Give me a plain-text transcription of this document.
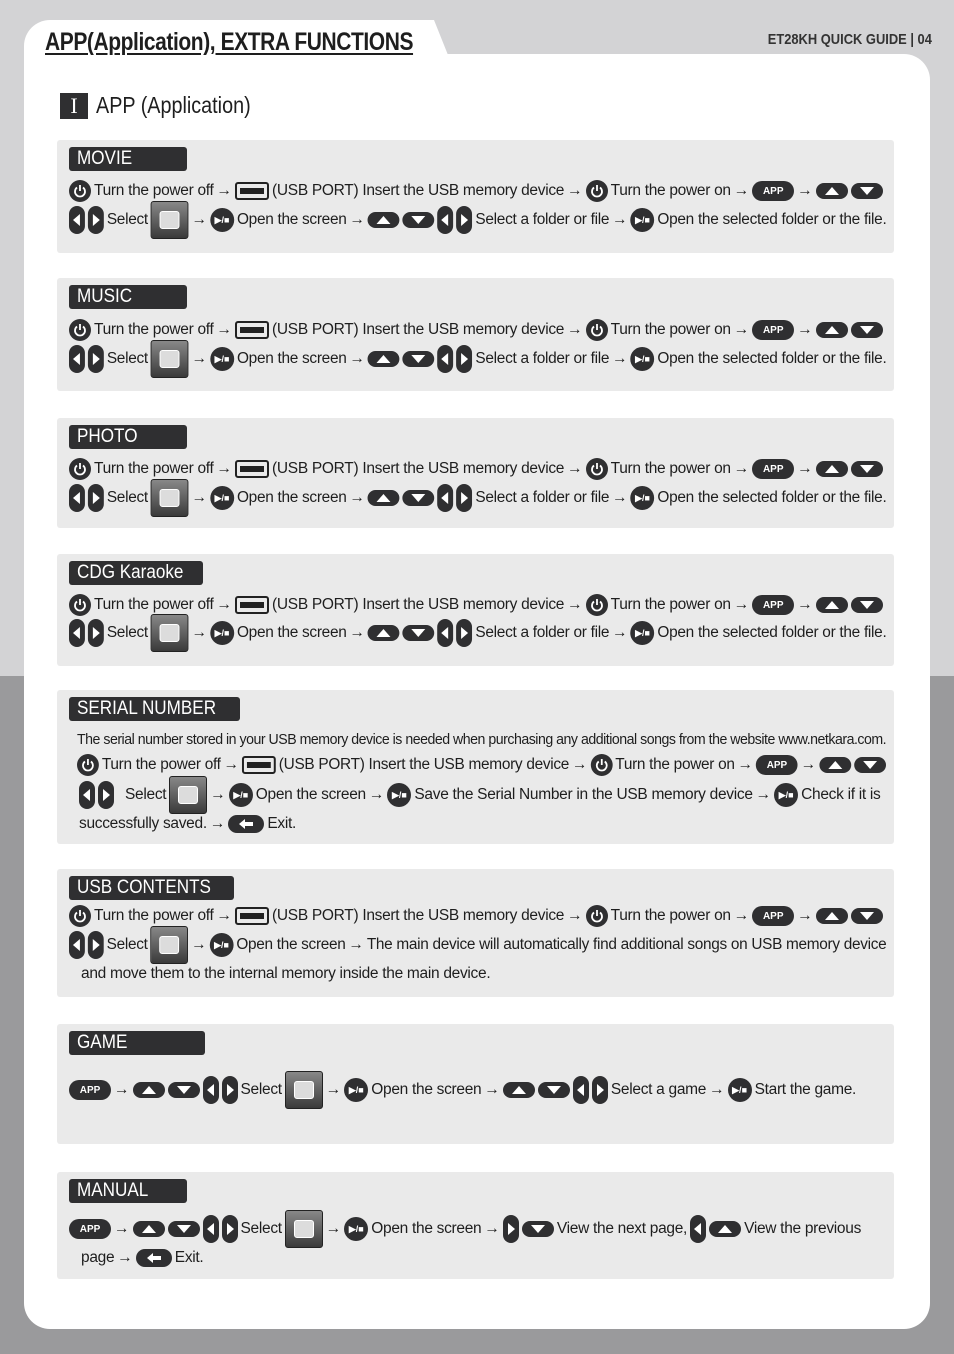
APP(Application), EXTRA FUNCTIONS	ET28KH QUICK GUIDE | 04
I APP (Application)
MOVIE
Turn the power off →	(USB PORT) Insert the USB memory device → Turn the power on →	APP →
Select	→ ▶/■ Open the screen →	Select a folder or file → ▶/■ Open the selected folder or the file.
MUSIC
Turn the power off →	(USB PORT) Insert the USB memory device → Turn the power on →	APP →
Select	→ ▶/■ Open the screen →	Select a folder or file → ▶/■ Open the selected folder or the file.
PHOTO
Turn the power off →	(USB PORT) Insert the USB memory device → Turn the power on →	APP →
Select	→ ▶/■ Open the screen →	Select a folder or file → ▶/■ Open the selected folder or the file.
CDG Karaoke
Turn the power off →	(USB PORT) Insert the USB memory device → Turn the power on →	APP →
Select	→ ▶/■ Open the screen →	Select a folder or file → ▶/■ Open the selected folder or the file.
SERIAL NUMBER
The serial number stored in your USB memory device is needed when purchasing any additional songs from the website www.netkara.com.
Turn the power off →	(USB PORT) Insert the USB memory device → Turn the power on →	APP →
Select	→ ▶/■ Open the screen → ▶/■ Save the Serial Number in the USB memory device → ▶/■ Check if it is
successfully saved. →	Exit.
USB CONTENTS
Turn the power off →	(USB PORT) Insert the USB memory device → Turn the power on →	APP →
Select	→ ▶/■ Open the screen → The main device will automatically find additional songs on USB memory device
and move them to the internal memory inside the main device.
GAME
APP →	Select	→ ▶/■ Open the screen →	Select a game → ▶/■ Start the game.
MANUAL
APP →	Select	→ ▶/■ Open the screen →	View the next page,	View the previous
page →	Exit.
